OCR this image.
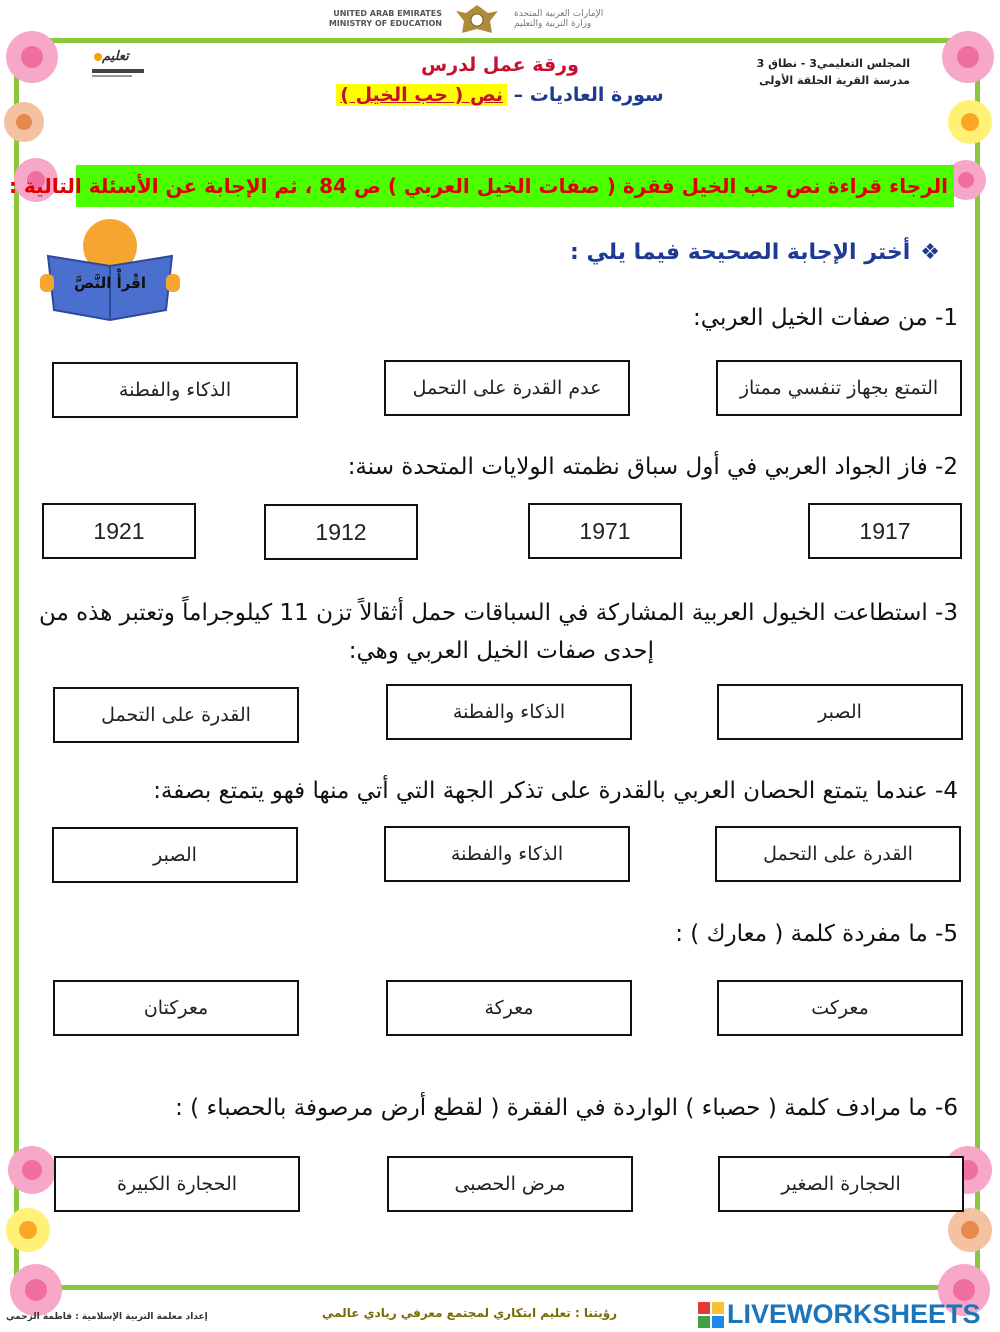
UNITED ARAB EMIRATES
MINISTRY OF EDUCATION
الإمارات العربية المتحدة
وزارة التربية والتعليم
المجلس التعليمي3 - نطاق 3
مدرسة القرية الحلقة الأولى
تعليم	ورقة عمل لدرس
سورة العاديات – نص ( حب الخيل )
الرجاء قراءة نص حب الخيل فقرة ( صفات الخيل العربي ) ص 84 ، ثم الإجابة عن الأسئلة التالية :
اقْرأْ النَّصَّ
❖أختر الإجابة الصحيحة فيما يلي :
1- من صفات الخيل العربي:
التمتع بجهاز تنفسي ممتاز
عدم القدرة على التحمل
الذكاء والفطنة
2- فاز الجواد العربي في أول سباق نظمته الولايات المتحدة سنة:
1917
1971
1912
1921
3- استطاعت الخيول العربية المشاركة في السباقات حمل أثقالاً تزن 11 كيلوجراماً وتعتبر هذه من
إحدى صفات الخيل العربي وهي:
الصبر
الذكاء والفطنة
القدرة على التحمل
4- عندما يتمتع الحصان العربي بالقدرة على تذكر الجهة التي أتي منها فهو يتمتع بصفة:
القدرة على التحمل
الذكاء والفطنة
الصبر
5- ما مفردة كلمة ( معارك ) :
معركت
معركة
معركتان
6- ما مرادف كلمة ( حصباء ) الواردة في الفقرة ( لقطع أرض مرصوفة بالحصباء ) :
الحجارة الصغير
مرض الحصبى
الحجارة الكبيرة
إعداد معلمة التربية الإسلامية : فاطمة الزحمي	رؤيتنا : تعليم ابتكاري لمجتمع معرفي ريادي عالمي	LIVEWORKSHEETS
